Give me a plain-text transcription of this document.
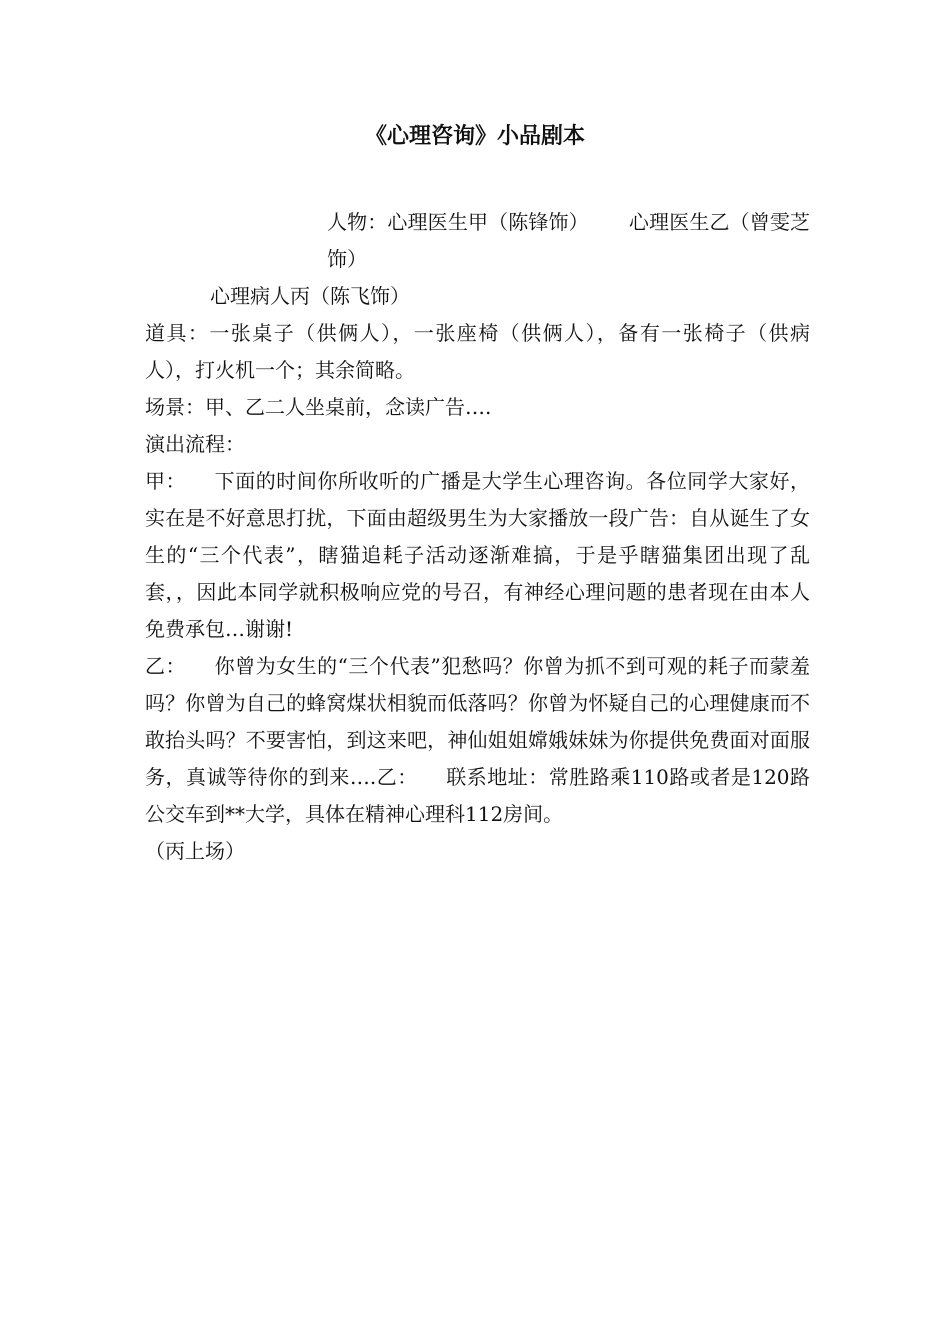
《心理咨询》小品剧本

人物：心理医生甲（陈锋饰） 心理医生乙（曾雯芝饰）

心理病人丙（陈飞饰）

道具：一张桌子（供俩人），一张座椅（供俩人），备有一张椅子（供病人），打火机一个；其余简略。

场景：甲、乙二人坐桌前，念读广告….

演出流程：

甲： 下面的时间你所收听的广播是大学生心理咨询。各位同学大家好，实在是不好意思打扰，下面由超级男生为大家播放一段广告：自从诞生了女生的“三个代表”，瞎猫追耗子活动逐渐难搞，于是乎瞎猫集团出现了乱套，，因此本同学就积极响应党的号召，有神经心理问题的患者现在由本人免费承包…谢谢!

乙： 你曾为女生的“三个代表”犯愁吗？你曾为抓不到可观的耗子而蒙羞吗？你曾为自己的蜂窝煤状相貌而低落吗？你曾为怀疑自己的心理健康而不敢抬头吗？不要害怕，到这来吧，神仙姐姐嫦娥妹妹为你提供免费面对面服务，真诚等待你的到来….乙： 联系地址：常胜路乘110路或者是120路公交车到**大学，具体在精神心理科112房间。

（丙上场）
